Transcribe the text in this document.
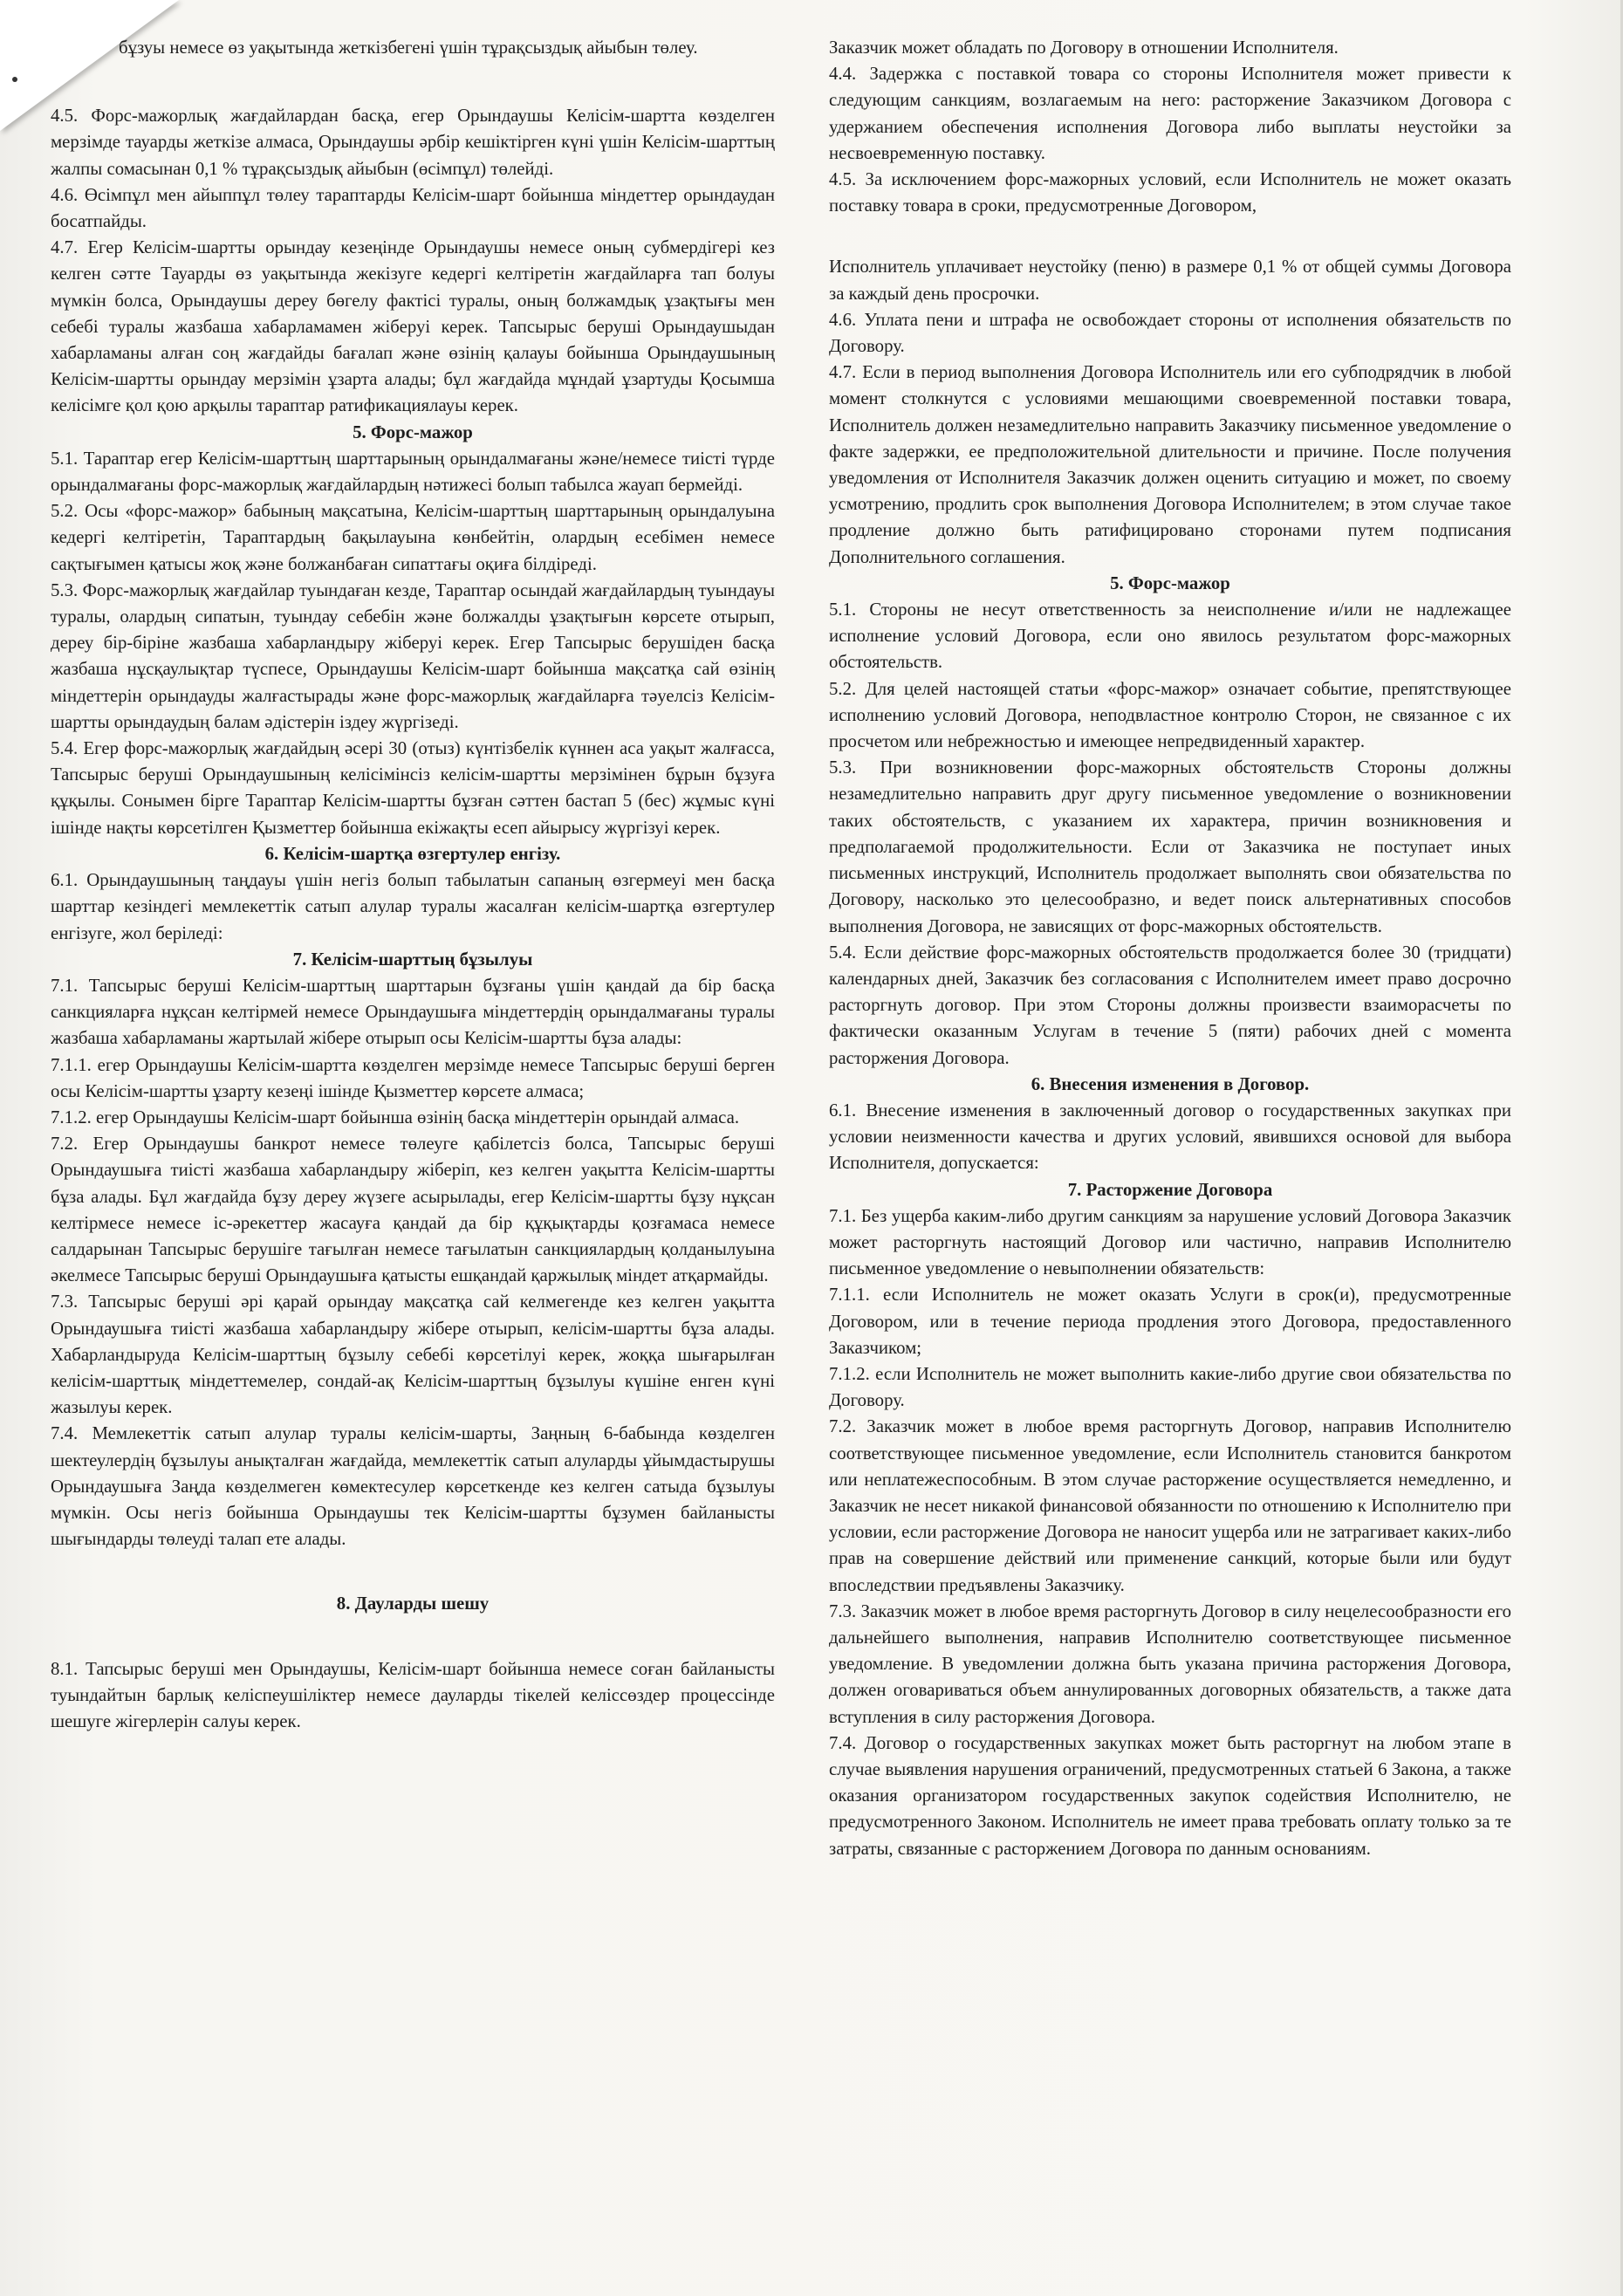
бұзуы немесе өз уақытында жеткізбегені үшін тұрақсыздық айыбын төлеу.

4.5. Форс-мажорлық жағдайлардан басқа, егер Орындаушы Келісім-шартта көзделген мерзімде тауарды жеткізе алмаса, Орындаушы әрбір кешіктірген күні үшін Келісім-шарттың жалпы сомасынан 0,1 % тұрақсыздық айыбын (өсімпұл) төлейді.

4.6. Өсімпұл мен айыппұл төлеу тараптарды Келісім-шарт бойынша міндеттер орындаудан босатпайды.

4.7. Егер Келісім-шартты орындау кезеңінде Орындаушы немесе оның субмердігері кез келген сәтте Тауарды өз уақытында жекізуге кедергі келтіретін жағдайларға тап болуы мүмкін болса, Орындаушы дереу бөгелу фактісі туралы, оның болжамдық ұзақтығы мен себебі туралы жазбаша хабарламамен жіберуі керек. Тапсырыс беруші Орындаушыдан хабарламаны алған соң жағдайды бағалап және өзінің қалауы бойынша Орындаушының Келісім-шартты орындау мерзімін ұзарта алады; бұл жағдайда мұндай ұзартуды Қосымша келісімге қол қою арқылы тараптар ратификациялауы керек.

5. Форс-мажор

5.1. Тараптар егер Келісім-шарттың шарттарының орындалмағаны және/немесе тиісті түрде орындалмағаны форс-мажорлық жағдайлардың нәтижесі болып табылса жауап бермейді.

5.2. Осы «форс-мажор» бабының мақсатына, Келісім-шарттың шарттарының орындалуына кедергі келтіретін, Тараптардың бақылауына көнбейтін, олардың есебімен немесе сақтығымен қатысы жоқ және болжанбаған сипаттағы оқиға білдіреді.

5.3. Форс-мажорлық жағдайлар туындаған кезде, Тараптар осындай жағдайлардың туындауы туралы, олардың сипатын, туындау себебін және болжалды ұзақтығын көрсете отырып, дереу бір-біріне жазбаша хабарландыру жіберуі керек. Егер Тапсырыс берушіден басқа жазбаша нұсқаулықтар түспесе, Орындаушы Келісім-шарт бойынша мақсатқа сай өзінің міндеттерін орындауды жалғастырады және форс-мажорлық жағдайларға тәуелсіз Келісім-шартты орындаудың балам әдістерін іздеу жүргізеді.

5.4. Егер форс-мажорлық жағдайдың әсері 30 (отыз) күнтізбелік күннен аса уақыт жалғасса, Тапсырыс беруші Орындаушының келісімінсіз келісім-шартты мерзімінен бұрын бұзуға құқылы. Сонымен бірге Тараптар Келісім-шартты бұзған сәттен бастап 5 (бес) жұмыс күні ішінде нақты көрсетілген Қызметтер бойынша екіжақты есеп айырысу жүргізуі керек.

6. Келісім-шартқа өзгертулер енгізу.

6.1. Орындаушының таңдауы үшін негіз болып табылатын сапаның өзгермеуі мен басқа шарттар кезіндегі мемлекеттік сатып алулар туралы жасалған келісім-шартқа өзгертулер енгізуге, жол беріледі:

7. Келісім-шарттың бұзылуы

7.1. Тапсырыс беруші Келісім-шарттың шарттарын бұзғаны үшін қандай да бір басқа санкцияларға нұқсан келтірмей немесе Орындаушыға міндеттердің орындалмағаны туралы жазбаша хабарламаны жартылай жібере отырып осы Келісім-шартты бұза алады:

7.1.1. егер Орындаушы Келісім-шартта көзделген мерзімде немесе Тапсырыс беруші берген осы Келісім-шартты ұзарту кезеңі ішінде Қызметтер көрсете алмаса;

7.1.2. егер Орындаушы Келісім-шарт бойынша өзінің басқа міндеттерін орындай алмаса.

7.2. Егер Орындаушы банкрот немесе төлеуге қабілетсіз болса, Тапсырыс беруші Орындаушыға тиісті жазбаша хабарландыру жіберіп, кез келген уақытта Келісім-шартты бұза алады. Бұл жағдайда бұзу дереу жүзеге асырылады, егер Келісім-шартты бұзу нұқсан келтірмесе немесе іс-әрекеттер жасауға қандай да бір құқықтарды қозғамаса немесе салдарынан Тапсырыс берушіге тағылған немесе тағылатын санкциялардың қолданылуына әкелмесе Тапсырыс беруші Орындаушыға қатысты ешқандай қаржылық міндет атқармайды.

7.3. Тапсырыс беруші әрі қарай орындау мақсатқа сай келмегенде кез келген уақытта Орындаушыға тиісті жазбаша хабарландыру жібере отырып, келісім-шартты бұза алады. Хабарландыруда Келісім-шарттың бұзылу себебі көрсетілуі керек, жоққа шығарылған келісім-шарттық міндеттемелер, сондай-ақ Келісім-шарттың бұзылуы күшіне енген күні жазылуы керек.

7.4. Мемлекеттік сатып алулар туралы келісім-шарты, Заңның 6-бабында көзделген шектеулердің бұзылуы анықталған жағдайда, мемлекеттік сатып алуларды ұйымдастырушы Орындаушыға Заңда көзделмеген көмектесулер көрсеткенде кез келген сатыда бұзылуы мүмкін. Осы негіз бойынша Орындаушы тек Келісім-шартты бұзумен байланысты шығындарды төлеуді талап ете алады.

8. Дауларды шешу

8.1. Тапсырыс беруші мен Орындаушы, Келісім-шарт бойынша немесе соған байланысты туындайтын барлық келіспеушіліктер немесе дауларды тікелей келіссөздер процессінде шешуге жігерлерін салуы керек.

Заказчик может обладать по Договору в отношении Исполнителя.

4.4. Задержка с поставкой товара со стороны Исполнителя может привести к следующим санкциям, возлагаемым на него: расторжение Заказчиком Договора с удержанием обеспечения исполнения Договора либо выплаты неустойки за несвоевременную поставку.

4.5. За исключением форс-мажорных условий, если Исполнитель не может оказать поставку товара в сроки, предусмотренные Договором,

Исполнитель уплачивает неустойку (пеню) в размере 0,1 % от общей суммы Договора за каждый день просрочки.

4.6. Уплата пени и штрафа не освобождает стороны от исполнения обязательств по Договору.

4.7. Если в период выполнения Договора Исполнитель или его субподрядчик в любой момент столкнутся с условиями мешающими своевременной поставки товара, Исполнитель должен незамедлительно направить Заказчику письменное уведомление о факте задержки, ее предположительной длительности и причине. После получения уведомления от Исполнителя Заказчик должен оценить ситуацию и может, по своему усмотрению, продлить срок выполнения Договора Исполнителем; в этом случае такое продление должно быть ратифицировано сторонами путем подписания Дополнительного соглашения.

5. Форс-мажор

5.1. Стороны не несут ответственность за неисполнение и/или не надлежащее исполнение условий Договора, если оно явилось результатом форс-мажорных обстоятельств.

5.2. Для целей настоящей статьи «форс-мажор» означает событие, препятствующее исполнению условий Договора, неподвластное контролю Сторон, не связанное с их просчетом или небрежностью и имеющее непредвиденный характер.

5.3. При возникновении форс-мажорных обстоятельств Стороны должны незамедлительно направить друг другу письменное уведомление о возникновении таких обстоятельств, с указанием их характера, причин возникновения и предполагаемой продолжительности. Если от Заказчика не поступает иных письменных инструкций, Исполнитель продолжает выполнять свои обязательства по Договору, насколько это целесообразно, и ведет поиск альтернативных способов выполнения Договора, не зависящих от форс-мажорных обстоятельств.

5.4. Если действие форс-мажорных обстоятельств продолжается более 30 (тридцати) календарных дней, Заказчик без согласования с Исполнителем имеет право досрочно расторгнуть договор. При этом Стороны должны произвести взаиморасчеты по фактически оказанным Услугам в течение 5 (пяти) рабочих дней с момента расторжения Договора.

6. Внесения изменения в Договор.

6.1. Внесение изменения в заключенный договор о государственных закупках при условии неизменности качества и других условий, явившихся основой для выбора Исполнителя, допускается:

7. Расторжение Договора

7.1. Без ущерба каким-либо другим санкциям за нарушение условий Договора Заказчик может расторгнуть настоящий Договор или частично, направив Исполнителю письменное уведомление о невыполнении обязательств:

7.1.1. если Исполнитель не может оказать Услуги в срок(и), предусмотренные Договором, или в течение периода продления этого Договора, предоставленного Заказчиком;

7.1.2. если Исполнитель не может выполнить какие-либо другие свои обязательства по Договору.

7.2. Заказчик может в любое время расторгнуть Договор, направив Исполнителю соответствующее письменное уведомление, если Исполнитель становится банкротом или неплатежеспособным. В этом случае расторжение осуществляется немедленно, и Заказчик не несет никакой финансовой обязанности по отношению к Исполнителю при условии, если расторжение Договора не наносит ущерба или не затрагивает каких-либо прав на совершение действий или применение санкций, которые были или будут впоследствии предъявлены Заказчику.

7.3. Заказчик может в любое время расторгнуть Договор в силу нецелесообразности его дальнейшего выполнения, направив Исполнителю соответствующее письменное уведомление. В уведомлении должна быть указана причина расторжения Договора, должен оговариваться объем аннулированных договорных обязательств, а также дата вступления в силу расторжения Договора.

7.4. Договор о государственных закупках может быть расторгнут на любом этапе в случае выявления нарушения ограничений, предусмотренных статьей 6 Закона, а также оказания организатором государственных закупок содействия Исполнителю, не предусмотренного Законом. Исполнитель не имеет права требовать оплату только за те затраты, связанные с расторжением Договора по данным основаниям.
